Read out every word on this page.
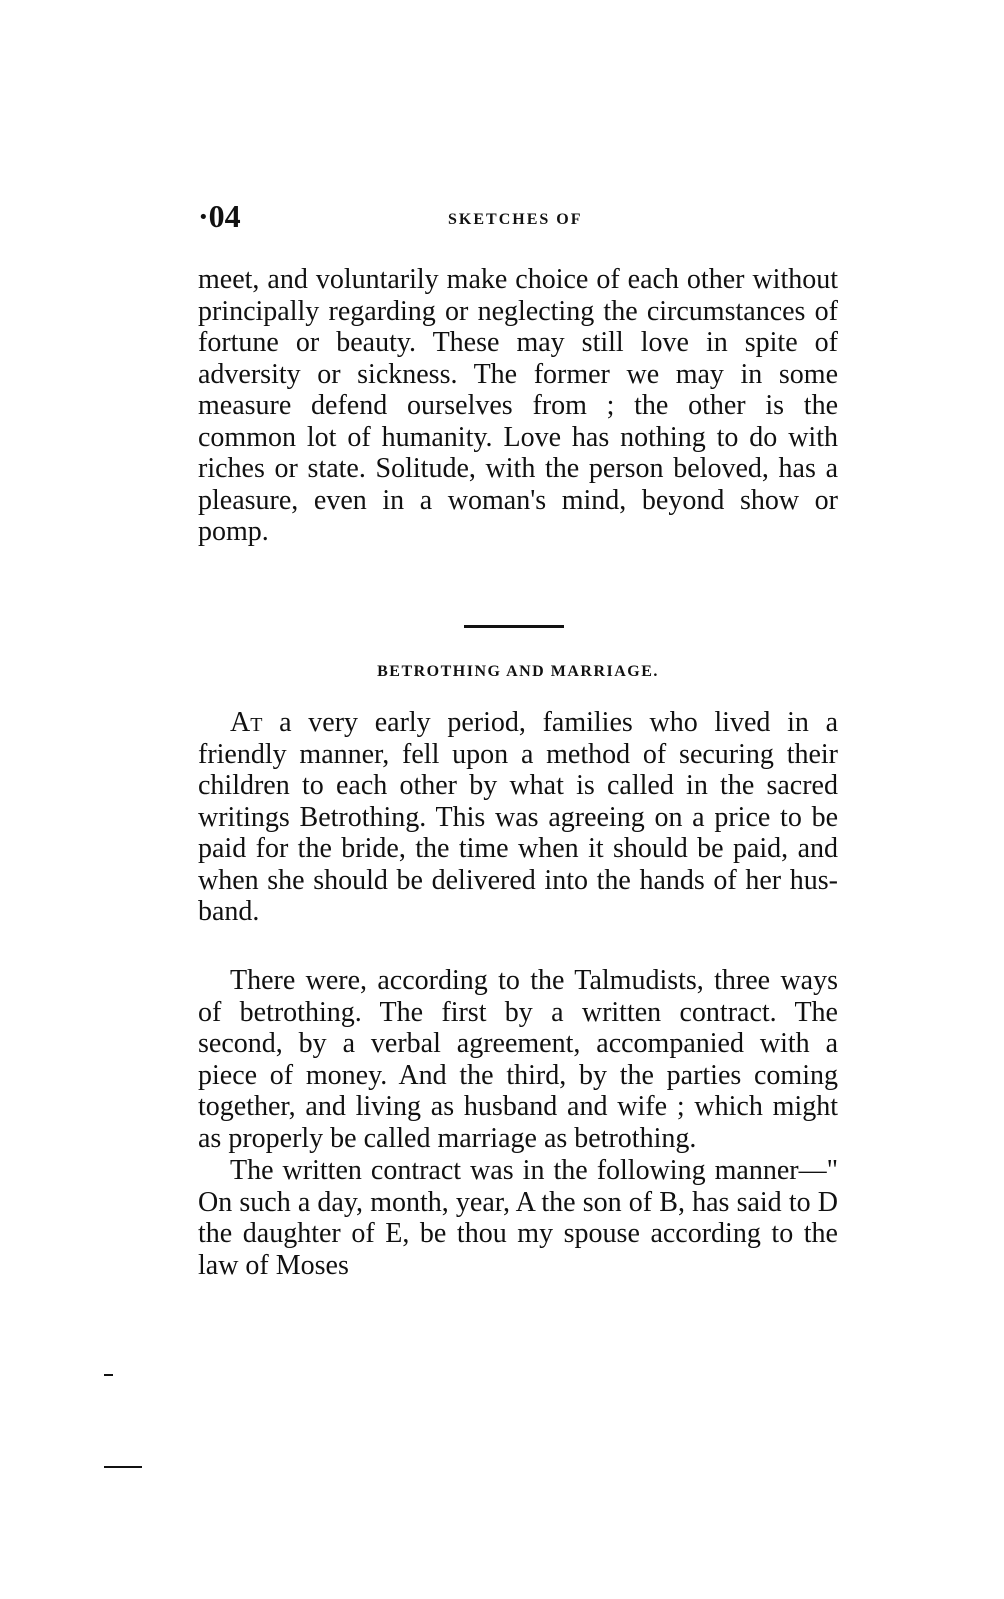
·04	SKETCHES OF

meet, and voluntarily make choice of each other without principally regarding or neglecting the circumstances of fortune or beauty. These may still love in spite of adversity or sickness. The former we may in some measure defend ourselves from ; the other is the common lot of humanity. Love has nothing to do with riches or state. Solitude, with the person beloved, has a pleasure, even in a woman's mind, beyond show or pomp.

BETROTHING AND MARRIAGE.

At a very early period, families who lived in a friendly manner, fell upon a method of securing their children to each other by what is called in the sacred writings Betrothing. This was agreeing on a price to be paid for the bride, the time when it should be paid, and when she should be delivered into the hands of her husband.

There were, according to the Talmudists, three ways of betrothing. The first by a written contract. The second, by a verbal agreement, accompanied with a piece of money. And the third, by the parties coming together, and living as husband and wife ; which might as properly be called marriage as betrothing.

The written contract was in the following manner—" On such a day, month, year, A the son of B, has said to D the daughter of E, be thou my spouse according to the law of Moses
